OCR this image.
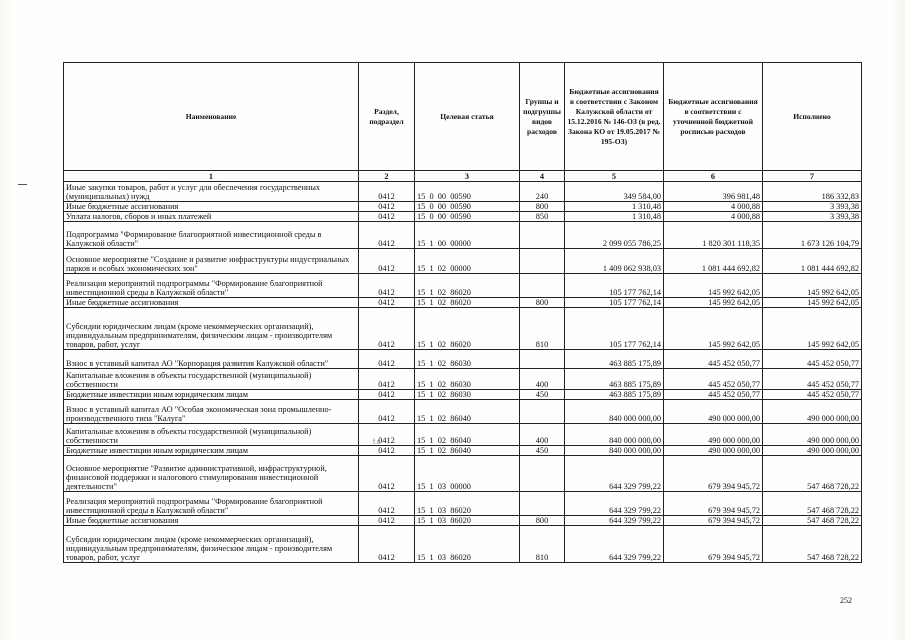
f.c
Наименование	Раздел, подраздел	Целевая статья	Группы и подгруппы видов расходов	Бюджетные ассигнования в соответствии с Законом Калужской области от 15.12.2016 № 146-ОЗ (в ред. Закона КО от 19.05.2017 № 195-ОЗ)	Бюджетные ассигнования в соответствии с уточненной бюджетной росписью расходов	Исполнено
1	2	3	4	5	6	7
Иные закупки товаров, работ и услуг для обеспечения государственных (муниципальных) нужд	0412	15  0  00  00590	240	349 584,00	396 981,48	186 332,83
Иные бюджетные ассигнования	0412	15  0  00  00590	800	1 310,48	4 000,88	3 393,38
Уплата налогов, сборов и иных платежей	0412	15  0  00  00590	850	1 310,48	4 000,88	3 393,38
Подпрограмма "Формирование благоприятной инвестиционной среды в Калужской области"	0412	15  1  00  00000		2 099 055 786,25	1 820 301 118,35	1 673 126 104,79
Основное мероприятие "Создание и развитие инфраструктуры индустриальных парков и особых экономических зон"	0412	15  1  02  00000		1 409 062 938,03	1 081 444 692,82	1 081 444 692,82
Реализация мероприятий подпрограммы "Формирование благоприятной инвестиционной среды в Калужской области"	0412	15  1  02  86020		105 177 762,14	145 992 642,05	145 992 642,05
Иные бюджетные ассигнования	0412	15  1  02  86020	800	105 177 762,14	145 992 642,05	145 992 642,05
Субсидии юридическим лицам (кроме некоммерческих организаций), индивидуальным предпринимателям, физическим лицам - производителям товаров, работ, услуг	0412	15  1  02  86020	810	105 177 762,14	145 992 642,05	145 992 642,05
Взнос в уставный капитал АО "Корпорация развития Калужской области"	0412	15  1  02  86030		463 885 175,89	445 452 050,77	445 452 050,77
Капитальные вложения в объекты государственной (муниципальной) собственности	0412	15  1  02  86030	400	463 885 175,89	445 452 050,77	445 452 050,77
Бюджетные инвестиции иным юридическим лицам	0412	15  1  02  86030	450	463 885 175,89	445 452 050,77	445 452 050,77
Взнос в уставный капитал АО "Особая экономическая зона промышленно-производственного типа "Калуга"	0412	15  1  02  86040		840 000 000,00	490 000 000,00	490 000 000,00
Капитальные вложения в объекты государственной (муниципальной) собственности	0412	15  1  02  86040	400	840 000 000,00	490 000 000,00	490 000 000,00
Бюджетные инвестиции иным юридическим лицам	0412	15  1  02  86040	450	840 000 000,00	490 000 000,00	490 000 000,00
Основное мероприятие "Развитие административной, инфраструктурной, финансовой поддержки и налогового стимулирования инвестиционной деятельности"	0412	15  1  03  00000		644 329 799,22	679 394 945,72	547 468 728,22
Реализация мероприятий подпрограммы "Формирование благоприятной инвестиционной среды в Калужской области"	0412	15  1  03  86020		644 329 799,22	679 394 945,72	547 468 728,22
Иные бюджетные ассигнования	0412	15  1  03  86020	800	644 329 799,22	679 394 945,72	547 468 728,22
Субсидии юридическим лицам (кроме некоммерческих организаций), индивидуальным предпринимателям, физическим лицам - производителям товаров, работ, услуг	0412	15  1  03  86020	810	644 329 799,22	679 394 945,72	547 468 728,22
252
